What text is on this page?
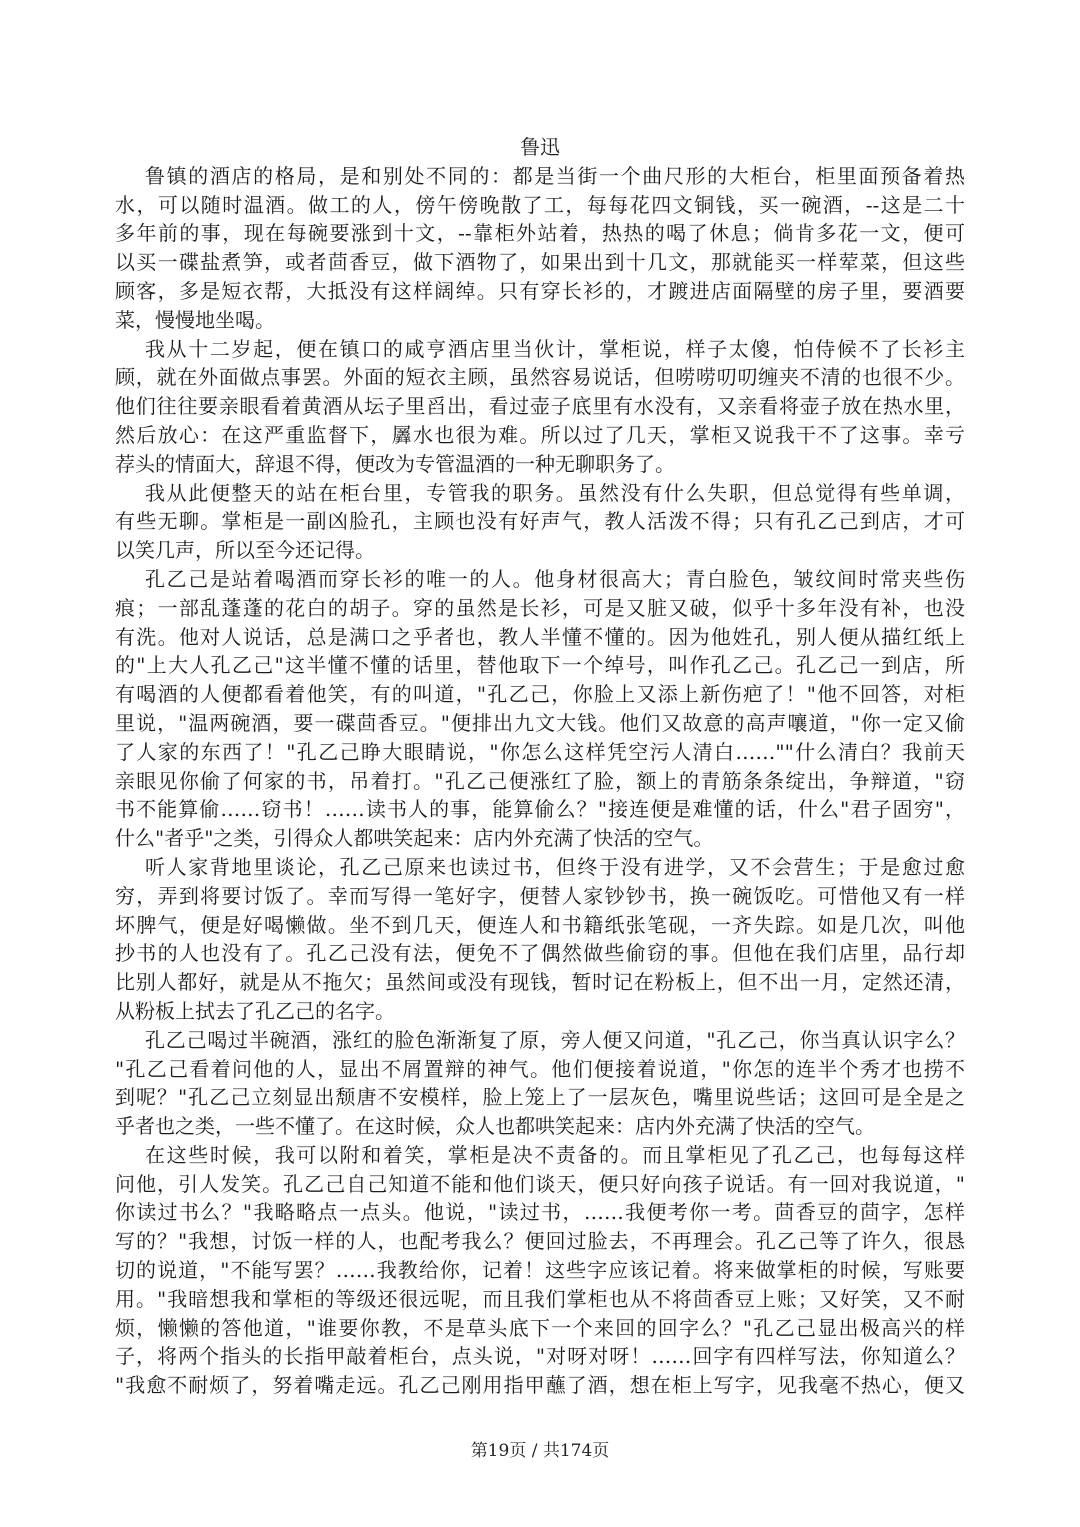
鲁迅
鲁镇的酒店的格局，是和别处不同的：都是当街一个曲尺形的大柜台，柜里面预备着热
水，可以随时温酒。做工的人，傍午傍晚散了工，每每花四文铜钱，买一碗酒，--这是二十
多年前的事，现在每碗要涨到十文，--靠柜外站着，热热的喝了休息；倘肯多花一文，便可
以买一碟盐煮笋，或者茴香豆，做下酒物了，如果出到十几文，那就能买一样荤菜，但这些
顾客，多是短衣帮，大抵没有这样阔绰。只有穿长衫的，才踱进店面隔壁的房子里，要酒要
菜，慢慢地坐喝。
我从十二岁起，便在镇口的咸亨酒店里当伙计，掌柜说，样子太傻，怕侍候不了长衫主
顾，就在外面做点事罢。外面的短衣主顾，虽然容易说话，但唠唠叨叨缠夹不清的也很不少。
他们往往要亲眼看着黄酒从坛子里舀出，看过壶子底里有水没有，又亲看将壶子放在热水里，
然后放心：在这严重监督下，羼水也很为难。所以过了几天，掌柜又说我干不了这事。幸亏
荐头的情面大，辞退不得，便改为专管温酒的一种无聊职务了。
我从此便整天的站在柜台里，专管我的职务。虽然没有什么失职，但总觉得有些单调，
有些无聊。掌柜是一副凶脸孔，主顾也没有好声气，教人活泼不得；只有孔乙己到店，才可
以笑几声，所以至今还记得。
孔乙己是站着喝酒而穿长衫的唯一的人。他身材很高大；青白脸色，皱纹间时常夹些伤
痕；一部乱蓬蓬的花白的胡子。穿的虽然是长衫，可是又脏又破，似乎十多年没有补，也没
有洗。他对人说话，总是满口之乎者也，教人半懂不懂的。因为他姓孔，别人便从描红纸上
的"上大人孔乙己"这半懂不懂的话里，替他取下一个绰号，叫作孔乙己。孔乙己一到店，所
有喝酒的人便都看着他笑，有的叫道，"孔乙己，你脸上又添上新伤疤了！"他不回答，对柜
里说，"温两碗酒，要一碟茴香豆。"便排出九文大钱。他们又故意的高声嚷道，"你一定又偷
了人家的东西了！"孔乙己睁大眼睛说，"你怎么这样凭空污人清白……""什么清白？我前天
亲眼见你偷了何家的书，吊着打。"孔乙己便涨红了脸，额上的青筋条条绽出，争辩道，"窃
书不能算偷……窃书！……读书人的事，能算偷么？"接连便是难懂的话，什么"君子固穷"，
什么"者乎"之类，引得众人都哄笑起来：店内外充满了快活的空气。
听人家背地里谈论，孔乙己原来也读过书，但终于没有进学，又不会营生；于是愈过愈
穷，弄到将要讨饭了。幸而写得一笔好字，便替人家钞钞书，换一碗饭吃。可惜他又有一样
坏脾气，便是好喝懒做。坐不到几天，便连人和书籍纸张笔砚，一齐失踪。如是几次，叫他
抄书的人也没有了。孔乙己没有法，便免不了偶然做些偷窃的事。但他在我们店里，品行却
比别人都好，就是从不拖欠；虽然间或没有现钱，暂时记在粉板上，但不出一月，定然还清，
从粉板上拭去了孔乙己的名字。
孔乙己喝过半碗酒，涨红的脸色渐渐复了原，旁人便又问道，"孔乙己，你当真认识字么？
"孔乙己看着问他的人，显出不屑置辩的神气。他们便接着说道，"你怎的连半个秀才也捞不
到呢？"孔乙己立刻显出颓唐不安模样，脸上笼上了一层灰色，嘴里说些话；这回可是全是之
乎者也之类，一些不懂了。在这时候，众人也都哄笑起来：店内外充满了快活的空气。
在这些时候，我可以附和着笑，掌柜是决不责备的。而且掌柜见了孔乙己，也每每这样
问他，引人发笑。孔乙己自己知道不能和他们谈天，便只好向孩子说话。有一回对我说道，"
你读过书么？"我略略点一点头。他说，"读过书，……我便考你一考。茴香豆的茴字，怎样
写的？"我想，讨饭一样的人，也配考我么？便回过脸去，不再理会。孔乙己等了许久，很恳
切的说道，"不能写罢？……我教给你，记着！这些字应该记着。将来做掌柜的时候，写账要
用。"我暗想我和掌柜的等级还很远呢，而且我们掌柜也从不将茴香豆上账；又好笑，又不耐
烦，懒懒的答他道，"谁要你教，不是草头底下一个来回的回字么？"孔乙己显出极高兴的样
子，将两个指头的长指甲敲着柜台，点头说，"对呀对呀！……回字有四样写法，你知道么？
"我愈不耐烦了，努着嘴走远。孔乙己刚用指甲蘸了酒，想在柜上写字，见我毫不热心，便又
第19页 / 共174页
